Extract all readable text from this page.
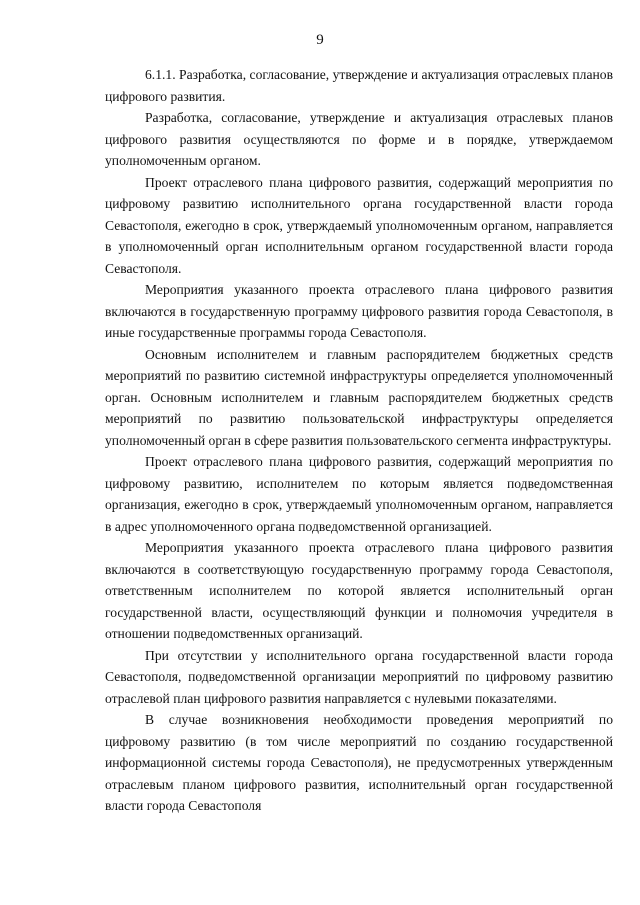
9

6.1.1. Разработка, согласование, утверждение и актуализация отраслевых планов цифрового развития.

Разработка, согласование, утверждение и актуализация отраслевых планов цифрового развития осуществляются по форме и в порядке, утверждаемом уполномоченным органом.

Проект отраслевого плана цифрового развития, содержащий мероприятия по цифровому развитию исполнительного органа государственной власти города Севастополя, ежегодно в срок, утверждаемый уполномоченным органом, направляется в уполномоченный орган исполнительным органом государственной власти города Севастополя.

Мероприятия указанного проекта отраслевого плана цифрового развития включаются в государственную программу цифрового развития города Севастополя, в иные государственные программы города Севастополя.

Основным исполнителем и главным распорядителем бюджетных средств мероприятий по развитию системной инфраструктуры определяется уполномоченный орган. Основным исполнителем и главным распорядителем бюджетных средств мероприятий по развитию пользовательской инфраструктуры определяется уполномоченный орган в сфере развития пользовательского сегмента инфраструктуры.

Проект отраслевого плана цифрового развития, содержащий мероприятия по цифровому развитию, исполнителем по которым является подведомственная организация, ежегодно в срок, утверждаемый уполномоченным органом, направляется в адрес уполномоченного органа подведомственной организацией.

Мероприятия указанного проекта отраслевого плана цифрового развития включаются в соответствующую государственную программу города Севастополя, ответственным исполнителем по которой является исполнительный орган государственной власти, осуществляющий функции и полномочия учредителя в отношении подведомственных организаций.

При отсутствии у исполнительного органа государственной власти города Севастополя, подведомственной организации мероприятий по цифровому развитию отраслевой план цифрового развития направляется с нулевыми показателями.

В случае возникновения необходимости проведения мероприятий по цифровому развитию (в том числе мероприятий по созданию государственной информационной системы города Севастополя), не предусмотренных утвержденным отраслевым планом цифрового развития, исполнительный орган государственной власти города Севастополя
